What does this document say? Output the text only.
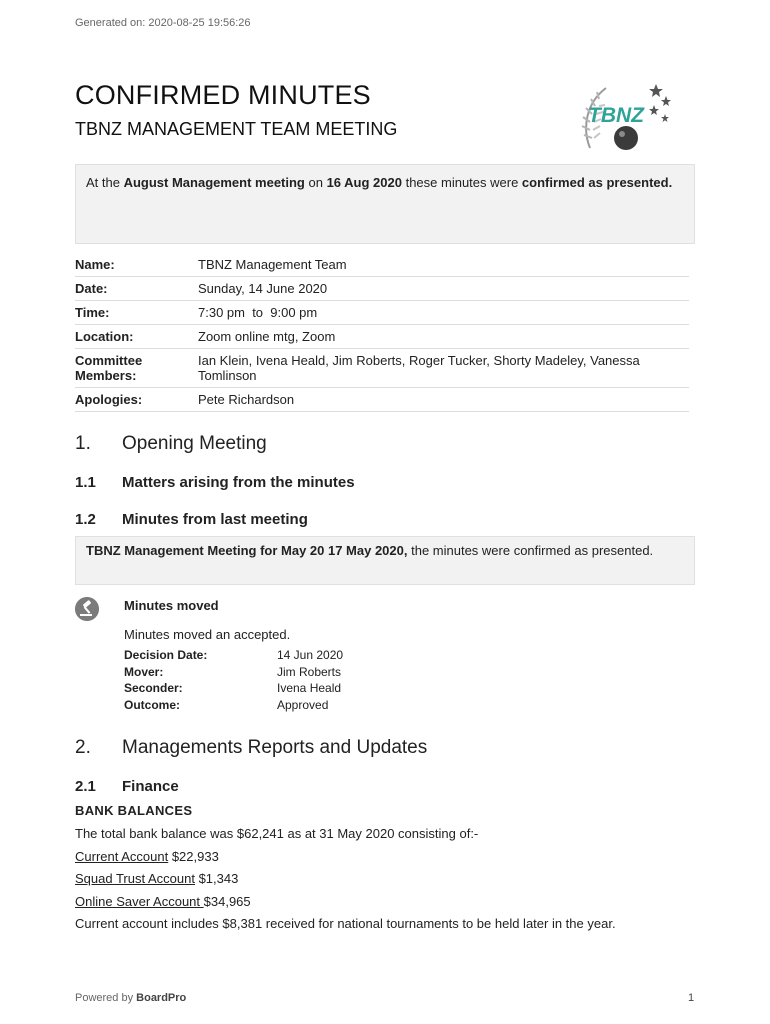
Generated on: 2020-08-25 19:56:26
CONFIRMED MINUTES
TBNZ MANAGEMENT TEAM MEETING
TBNZ
At the August Management meeting on 16 Aug 2020 these minutes were confirmed as presented.
Name:	TBNZ Management Team
Date:	Sunday, 14 June 2020
Time:	7:30 pm  to  9:00 pm
Location:	Zoom online mtg, Zoom
Committee Members:
Ian Klein, Ivena Heald, Jim Roberts, Roger Tucker, Shorty Madeley, Vanessa Tomlinson
Apologies:	Pete Richardson
1. Opening Meeting
1.1 Matters arising from the minutes
1.2 Minutes from last meeting
TBNZ Management Meeting for May 20 17 May 2020, the minutes were confirmed as presented.
Minutes moved
Minutes moved an accepted.
Decision Date:	14 Jun 2020
Mover:	Jim Roberts
Seconder:	Ivena Heald
Outcome:	Approved
2. Managements Reports and Updates
2.1 Finance
BANK BALANCES
The total bank balance was $62,241 as at 31 May 2020 consisting of:-
Current Account $22,933
Squad Trust Account $1,343
Online Saver Account $34,965
Current account includes $8,381 received for national tournaments to be held later in the year.
Powered by BoardPro	1
